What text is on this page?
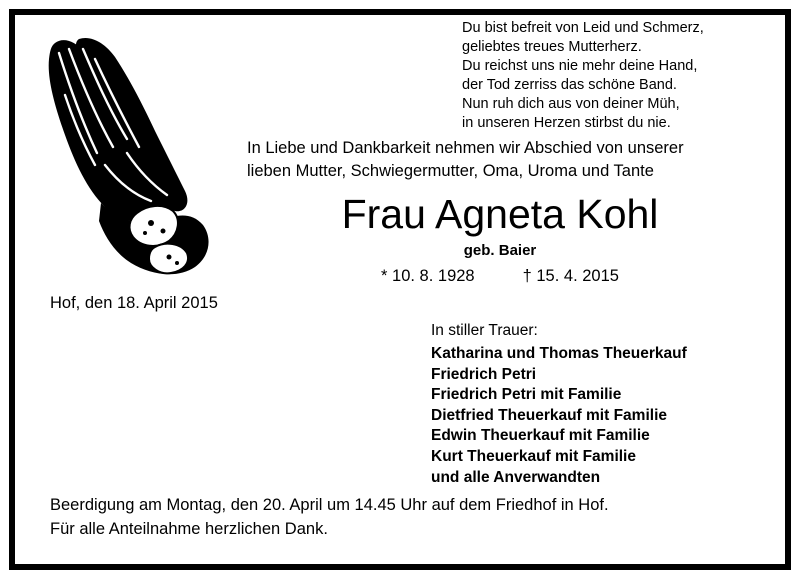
Du bist befreit von Leid und Schmerz,
geliebtes treues Mutterherz.
Du reichst uns nie mehr deine Hand,
der Tod zerriss das schöne Band.
Nun ruh dich aus von deiner Müh,
in unseren Herzen stirbst du nie.
In Liebe und Dankbarkeit nehmen wir Abschied von unserer
lieben Mutter, Schwiegermutter, Oma, Uroma und Tante
Frau Agneta Kohl
geb. Baier
* 10. 8. 1928	† 15. 4. 2015
Hof, den 18. April 2015
In stiller Trauer:
Katharina und Thomas Theuerkauf
Friedrich Petri
Friedrich Petri mit Familie
Dietfried Theuerkauf mit Familie
Edwin Theuerkauf mit Familie
Kurt Theuerkauf mit Familie
und alle Anverwandten
Beerdigung am Montag, den 20. April um 14.45 Uhr auf dem Friedhof in Hof.
Für alle Anteilnahme herzlichen Dank.
